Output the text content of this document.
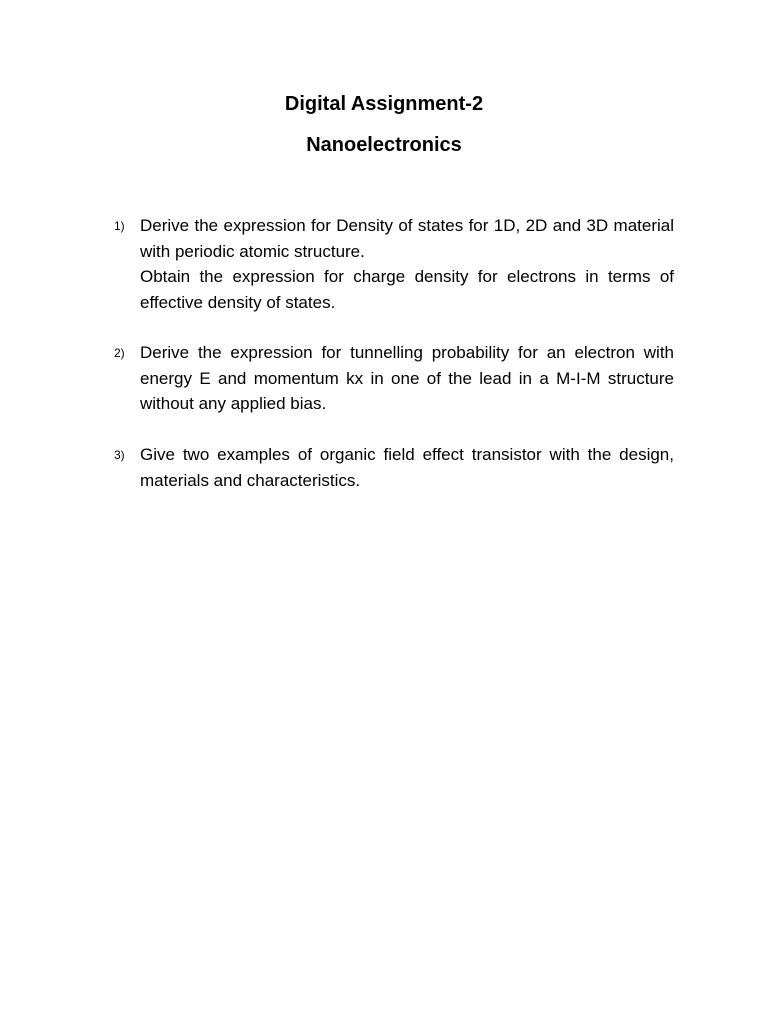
Digital Assignment-2
Nanoelectronics
1) Derive the expression for Density of states for 1D, 2D and 3D material with periodic atomic structure.

Obtain the expression for charge density for electrons in terms of effective density of states.

2) Derive the expression for tunnelling probability for an electron with energy E and momentum kx in one of the lead in a M-I-M structure without any applied bias.

3) Give two examples of organic field effect transistor with the design, materials and characteristics.
